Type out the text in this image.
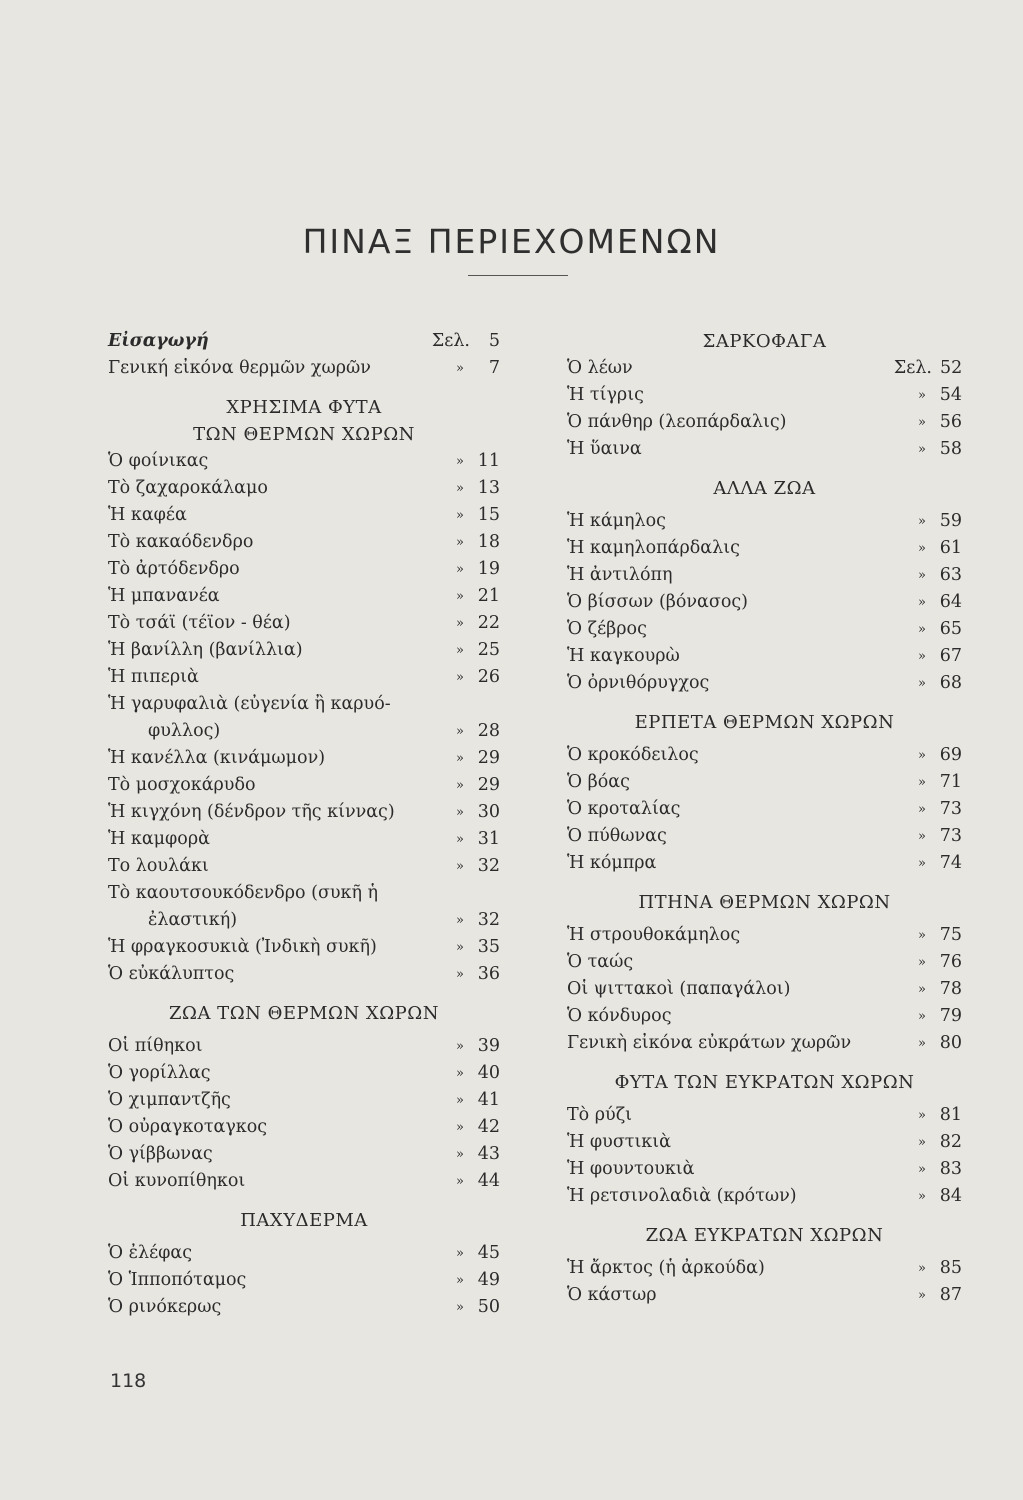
ΠΙΝΑΞ ΠΕΡΙΕΧΟΜΕΝΩΝ
Εἰσαγωγή	Σελ.	5
Γενική εἰκόνα θερμῶν χωρῶν	»	7
ΧΡΗΣΙΜΑ ΦΥΤΑ
ΤΩΝ ΘΕΡΜΩΝ ΧΩΡΩΝ
Ὁ φοίνικας	» 11
Τὸ ζαχαροκάλαμο	» 13
Ἡ καφέα	» 15
Τὸ κακαόδενδρο	» 18
Τὸ ἀρτόδενδρο	» 19
Ἡ μπανανέα	» 21
Τὸ τσάϊ (τέϊον - θέα)	» 22
Ἡ βανίλλη (βανίλλια)	» 25
Ἡ πιπεριὰ	» 26
Ἡ γαρυφαλιὰ (εὐγενία ἢ καρυό-
φυλλος)	» 28
Ἡ κανέλλα (κινάμωμον)	» 29
Τὸ μοσχοκάρυδο	» 29
Ἡ κιγχόνη (δένδρον τῆς κίννας)	» 30
Ἡ καμφορὰ	» 31
Το λουλάκι	» 32
Τὸ καουτσουκόδενδρο (συκῆ ἡ
ἐλαστική)	» 32
Ἡ φραγκοσυκιὰ (Ἰνδικὴ συκῆ)	» 35
Ὁ εὐκάλυπτος	» 36
ΖΩΑ ΤΩΝ ΘΕΡΜΩΝ ΧΩΡΩΝ
Οἱ πίθηκοι	» 39
Ὁ γορίλλας	» 40
Ὁ χιμπαντζῆς	» 41
Ὁ οὐραγκοταγκος	» 42
Ὁ γίββωνας	» 43
Οἱ κυνοπίθηκοι	» 44
ΠΑΧΥΔΕΡΜΑ
Ὁ ἐλέφας	» 45
Ὁ Ἱπποπόταμος	» 49
Ὁ ρινόκερως	» 50
ΣΑΡΚΟΦΑΓΑ
Ὁ λέων	Σελ. 52
Ἡ τίγρις	» 54
Ὁ πάνθηρ (λεοπάρδαλις)	» 56
Ἡ ὕαινα	» 58
ΑΛΛΑ ΖΩΑ
Ἡ κάμηλος	» 59
Ἡ καμηλοπάρδαλις	» 61
Ἡ ἀντιλόπη	» 63
Ὁ βίσσων (βόνασος)	» 64
Ὁ ζέβρος	» 65
Ἡ καγκουρὼ	» 67
Ὁ ὀρνιθόρυγχος	» 68
ΕΡΠΕΤΑ ΘΕΡΜΩΝ ΧΩΡΩΝ
Ὁ κροκόδειλος	» 69
Ὁ βόας	» 71
Ὁ κροταλίας	» 73
Ὁ πύθωνας	» 73
Ἡ κόμπρα	» 74
ΠΤΗΝΑ ΘΕΡΜΩΝ ΧΩΡΩΝ
Ἡ στρουθοκάμηλος	» 75
Ὁ ταώς	» 76
Οἱ ψιττακοὶ (παπαγάλοι)	» 78
Ὁ κόνδυρος	» 79
Γενικὴ εἰκόνα εὐκράτων χωρῶν	» 80
ΦΥΤΑ ΤΩΝ ΕΥΚΡΑΤΩΝ ΧΩΡΩΝ
Τὸ ρύζι	» 81
Ἡ φυστικιὰ	» 82
Ἡ φουντουκιὰ	» 83
Ἡ ρετσινολαδιὰ (κρότων)	» 84
ΖΩΑ ΕΥΚΡΑΤΩΝ ΧΩΡΩΝ
Ἡ ἄρκτος (ἡ ἀρκούδα)	» 85
Ὁ κάστωρ	» 87
118
